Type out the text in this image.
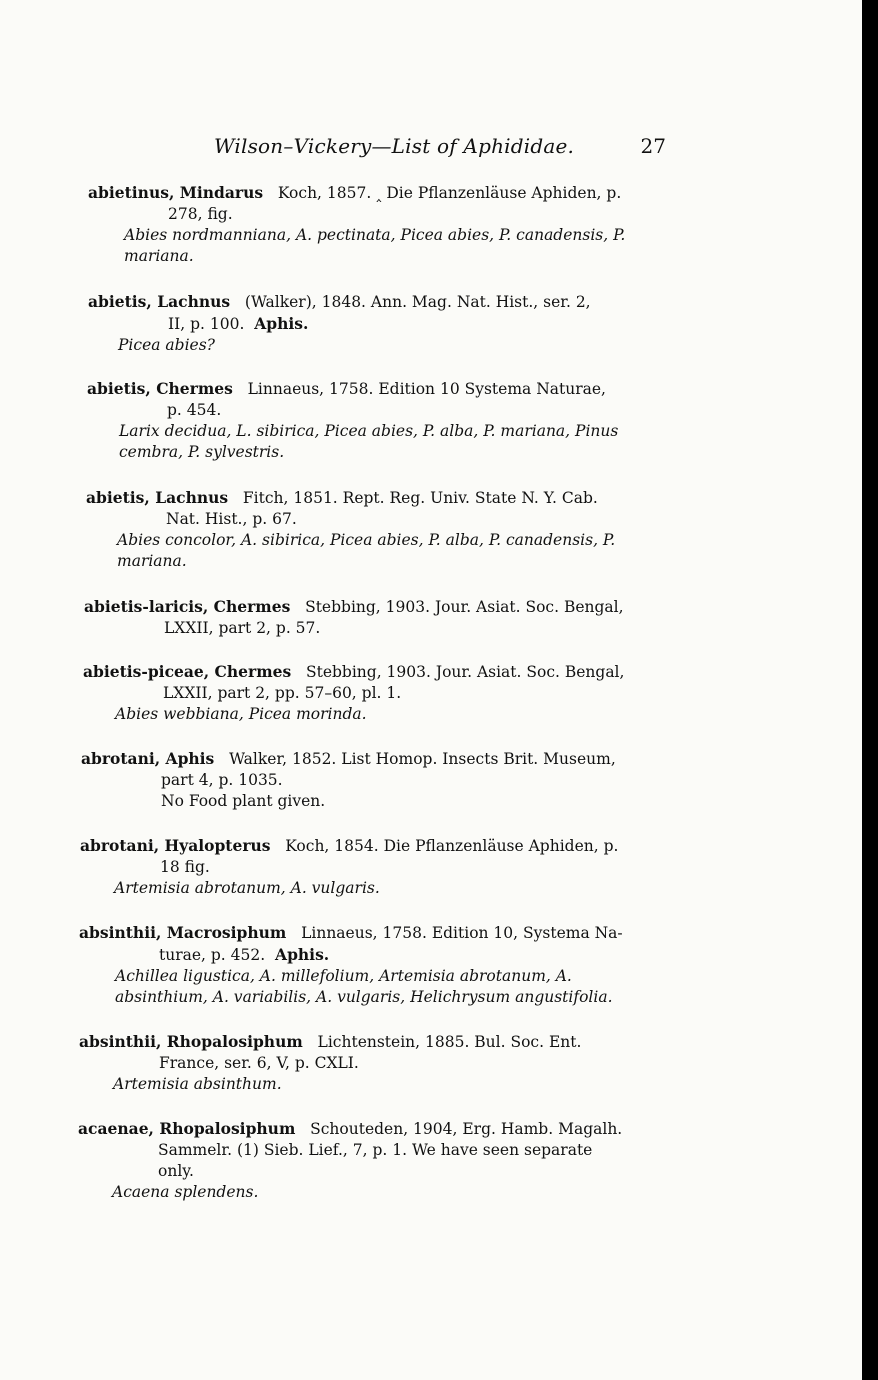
Wilson–Vickery—List of Aphididae.	27
abietinus, Mindarus Koch, 1857. ‸ Die Pflanzenläuse Aphiden, p.
278, fig.
Abies nordmanniana, A. pectinata, Picea abies, P. canadensis, P. mariana.
abietis, Lachnus (Walker), 1848. Ann. Mag. Nat. Hist., ser. 2,
II, p. 100. Aphis.
Picea abies?
abietis, Chermes Linnaeus, 1758. Edition 10 Systema Naturae,
p. 454.
Larix decidua, L. sibirica, Picea abies, P. alba, P. mariana, Pinus cembra, P. sylvestris.
abietis, Lachnus Fitch, 1851. Rept. Reg. Univ. State N. Y. Cab.
Nat. Hist., p. 67.
Abies concolor, A. sibirica, Picea abies, P. alba, P. canadensis, P. mariana.
abietis-laricis, Chermes Stebbing, 1903. Jour. Asiat. Soc. Bengal,
LXXII, part 2, p. 57.
abietis-piceae, Chermes Stebbing, 1903. Jour. Asiat. Soc. Bengal,
LXXII, part 2, pp. 57–60, pl. 1.
Abies webbiana, Picea morinda.
abrotani, Aphis Walker, 1852. List Homop. Insects Brit. Museum,
part 4, p. 1035.
No Food plant given.
abrotani, Hyalopterus Koch, 1854. Die Pflanzenläuse Aphiden, p.
18 fig.
Artemisia abrotanum, A. vulgaris.
absinthii, Macrosiphum Linnaeus, 1758. Edition 10, Systema Na-
turae, p. 452. Aphis.
Achillea ligustica, A. millefolium, Artemisia abrotanum, A. absinthium, A. variabilis, A. vulgaris, Helichrysum angustifolia.
absinthii, Rhopalosiphum Lichtenstein, 1885. Bul. Soc. Ent.
France, ser. 6, V, p. CXLI.
Artemisia absinthum.
acaenae, Rhopalosiphum Schouteden, 1904, Erg. Hamb. Magalh.
Sammelr. (1) Sieb. Lief., 7, p. 1. We have seen separate
only.
Acaena splendens.
